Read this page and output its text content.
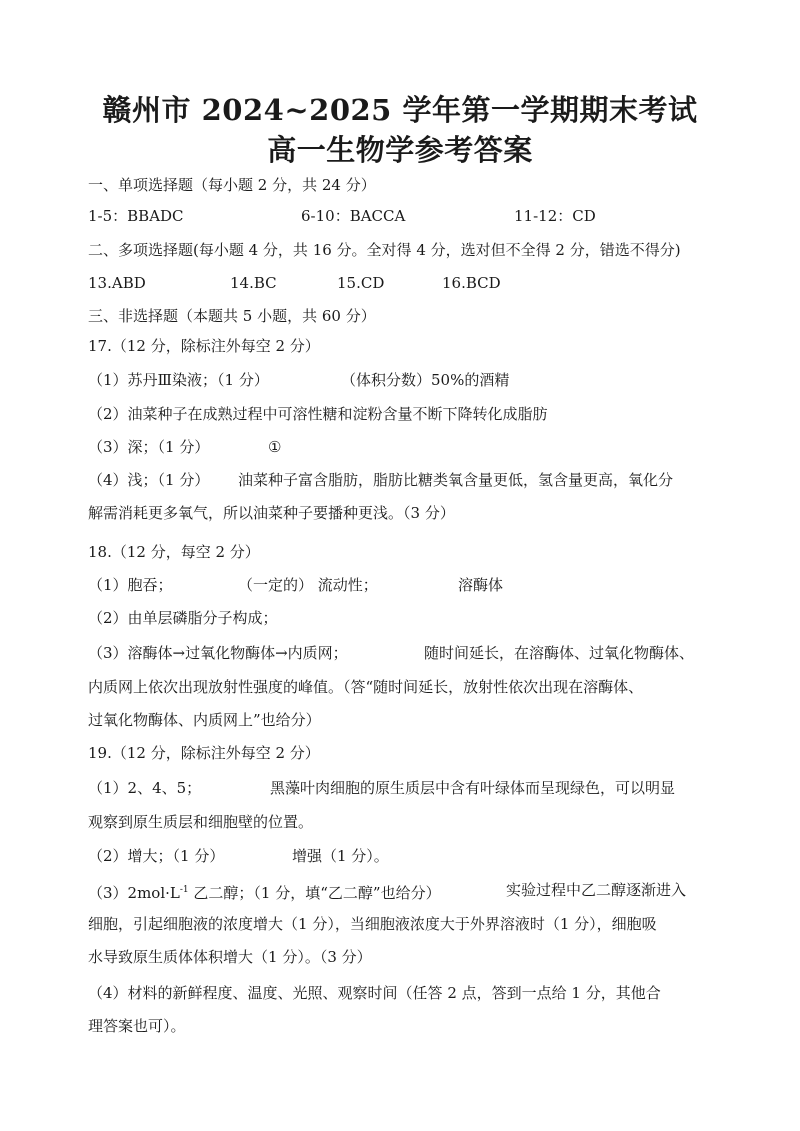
赣州市 2024~2025 学年第一学期期末考试
高一生物学参考答案
一、单项选择题（每小题 2 分，共 24 分）
1-5：BBADC	6-10：BACCA	11-12：CD
二、多项选择题(每小题 4 分，共 16 分。全对得 4 分，选对但不全得 2 分，错选不得分)
13.ABD	14.BC	15.CD	16.BCD
三、非选择题（本题共 5 小题，共 60 分）
17.（12 分，除标注外每空 2 分）
（1）苏丹Ⅲ染液；（1 分）	（体积分数）50%的酒精
（2）油菜种子在成熟过程中可溶性糖和淀粉含量不断下降转化成脂肪
（3）深；（1 分）	①
（4）浅；（1 分） 油菜种子富含脂肪，脂肪比糖类氧含量更低，氢含量更高，氧化分
解需消耗更多氧气，所以油菜种子要播种更浅。（3 分）
18.（12 分，每空 2 分）
（1）胞吞；	（一定的） 流动性；	溶酶体
（2）由单层磷脂分子构成；
（3）溶酶体→过氧化物酶体→内质网；	随时间延长，在溶酶体、过氧化物酶体、
内质网上依次出现放射性强度的峰值。（答“随时间延长，放射性依次出现在溶酶体、
过氧化物酶体、内质网上”也给分）
19.（12 分，除标注外每空 2 分）
（1）2、4、5；	黑藻叶肉细胞的原生质层中含有叶绿体而呈现绿色，可以明显
观察到原生质层和细胞壁的位置。
（2）增大；（1 分）	增强（1 分）。
$(3)2mol\cdot L^{-1}$ 乙二醇；（1 分，填“乙二醇”也给分）	实验过程中乙二醇逐渐进入
细胞，引起细胞液的浓度增大（1 分），当细胞液浓度大于外界溶液时（1 分），细胞吸
水导致原生质体体积增大（1 分）。（3 分）
（4）材料的新鲜程度、温度、光照、观察时间（任答 2 点，答到一点给 1 分，其他合
理答案也可）。
